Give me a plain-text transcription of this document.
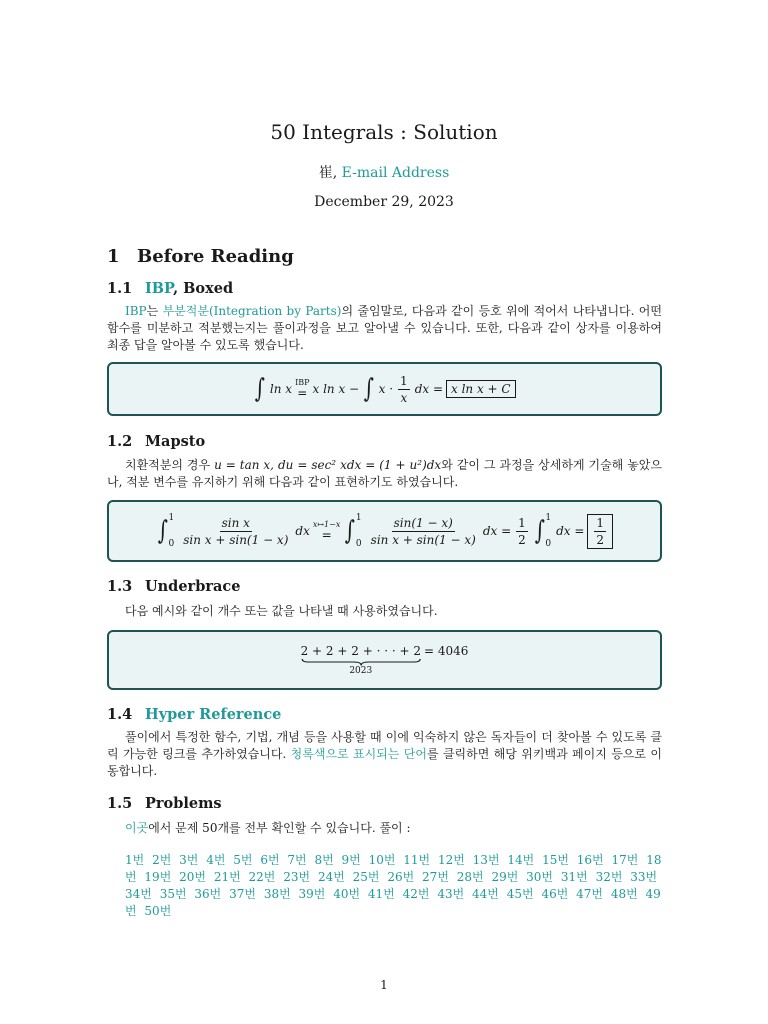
50 Integrals : Solution
崔, E-mail Address
December 29, 2023
1 Before Reading
1.1 IBP, Boxed
IBP는 부분적분(Integration by Parts)의 줄임말로, 다음과 같이 등호 위에 적어서 나타냅니다. 어떤 함수를 미분하고 적분했는지는 풀이과정을 보고 알아낼 수 있습니다. 또한, 다음과 같이 상자를 이용하여 최종 답을 알아볼 수 있도록 했습니다.
∫ ln x IBP
= x ln x − ∫ $x \cdot \frac{1}{x}$ dx = x ln x + C
1.2 Mapsto
치환적분의 경우 u = tan x, du = sec² xdx = (1 + u²)dx와 같이 그 과정을 상세하게 기술해 놓았으나, 적분 변수를 유지하기 위해 다음과 같이 표현하기도 하였습니다.
∫ 1
$0 \frac{\text{sin x}}{\text{sin x + sin(1 − x)}}$ dx x↦1−x
= ∫ 1
$0 \frac{\sin(1 - x)}{\text{sin x + sin(1 − x)}}$ dx = $\frac{1}{2}$ ∫ 1
0
dx = $\frac{1}{2}$
1.3 Underbrace
다음 예시와 같이 개수 또는 값을 나타낼 때 사용하였습니다.
2 + 2 + 2 + · · · + 2
2023
= 4046
1.4 Hyper Reference
풀이에서 특정한 함수, 기법, 개념 등을 사용할 때 이에 익숙하지 않은 독자들이 더 찾아볼 수 있도록 클릭 가능한 링크를 추가하였습니다. 청록색으로 표시되는 단어를 클릭하면 해당 위키백과 페이지 등으로 이동합니다.
1.5 Problems
이곳에서 문제 50개를 전부 확인할 수 있습니다. 풀이 :
1번 2번 3번 4번 5번 6번 7번 8번 9번 10번 11번 12번 13번 14번 15번 16번 17번 18번 19번 20번 21번 22번 23번 24번 25번 26번 27번 28번 29번 30번 31번 32번 33번 34번 35번 36번 37번 38번 39번 40번 41번 42번 43번 44번 45번 46번 47번 48번 49번 50번
1
